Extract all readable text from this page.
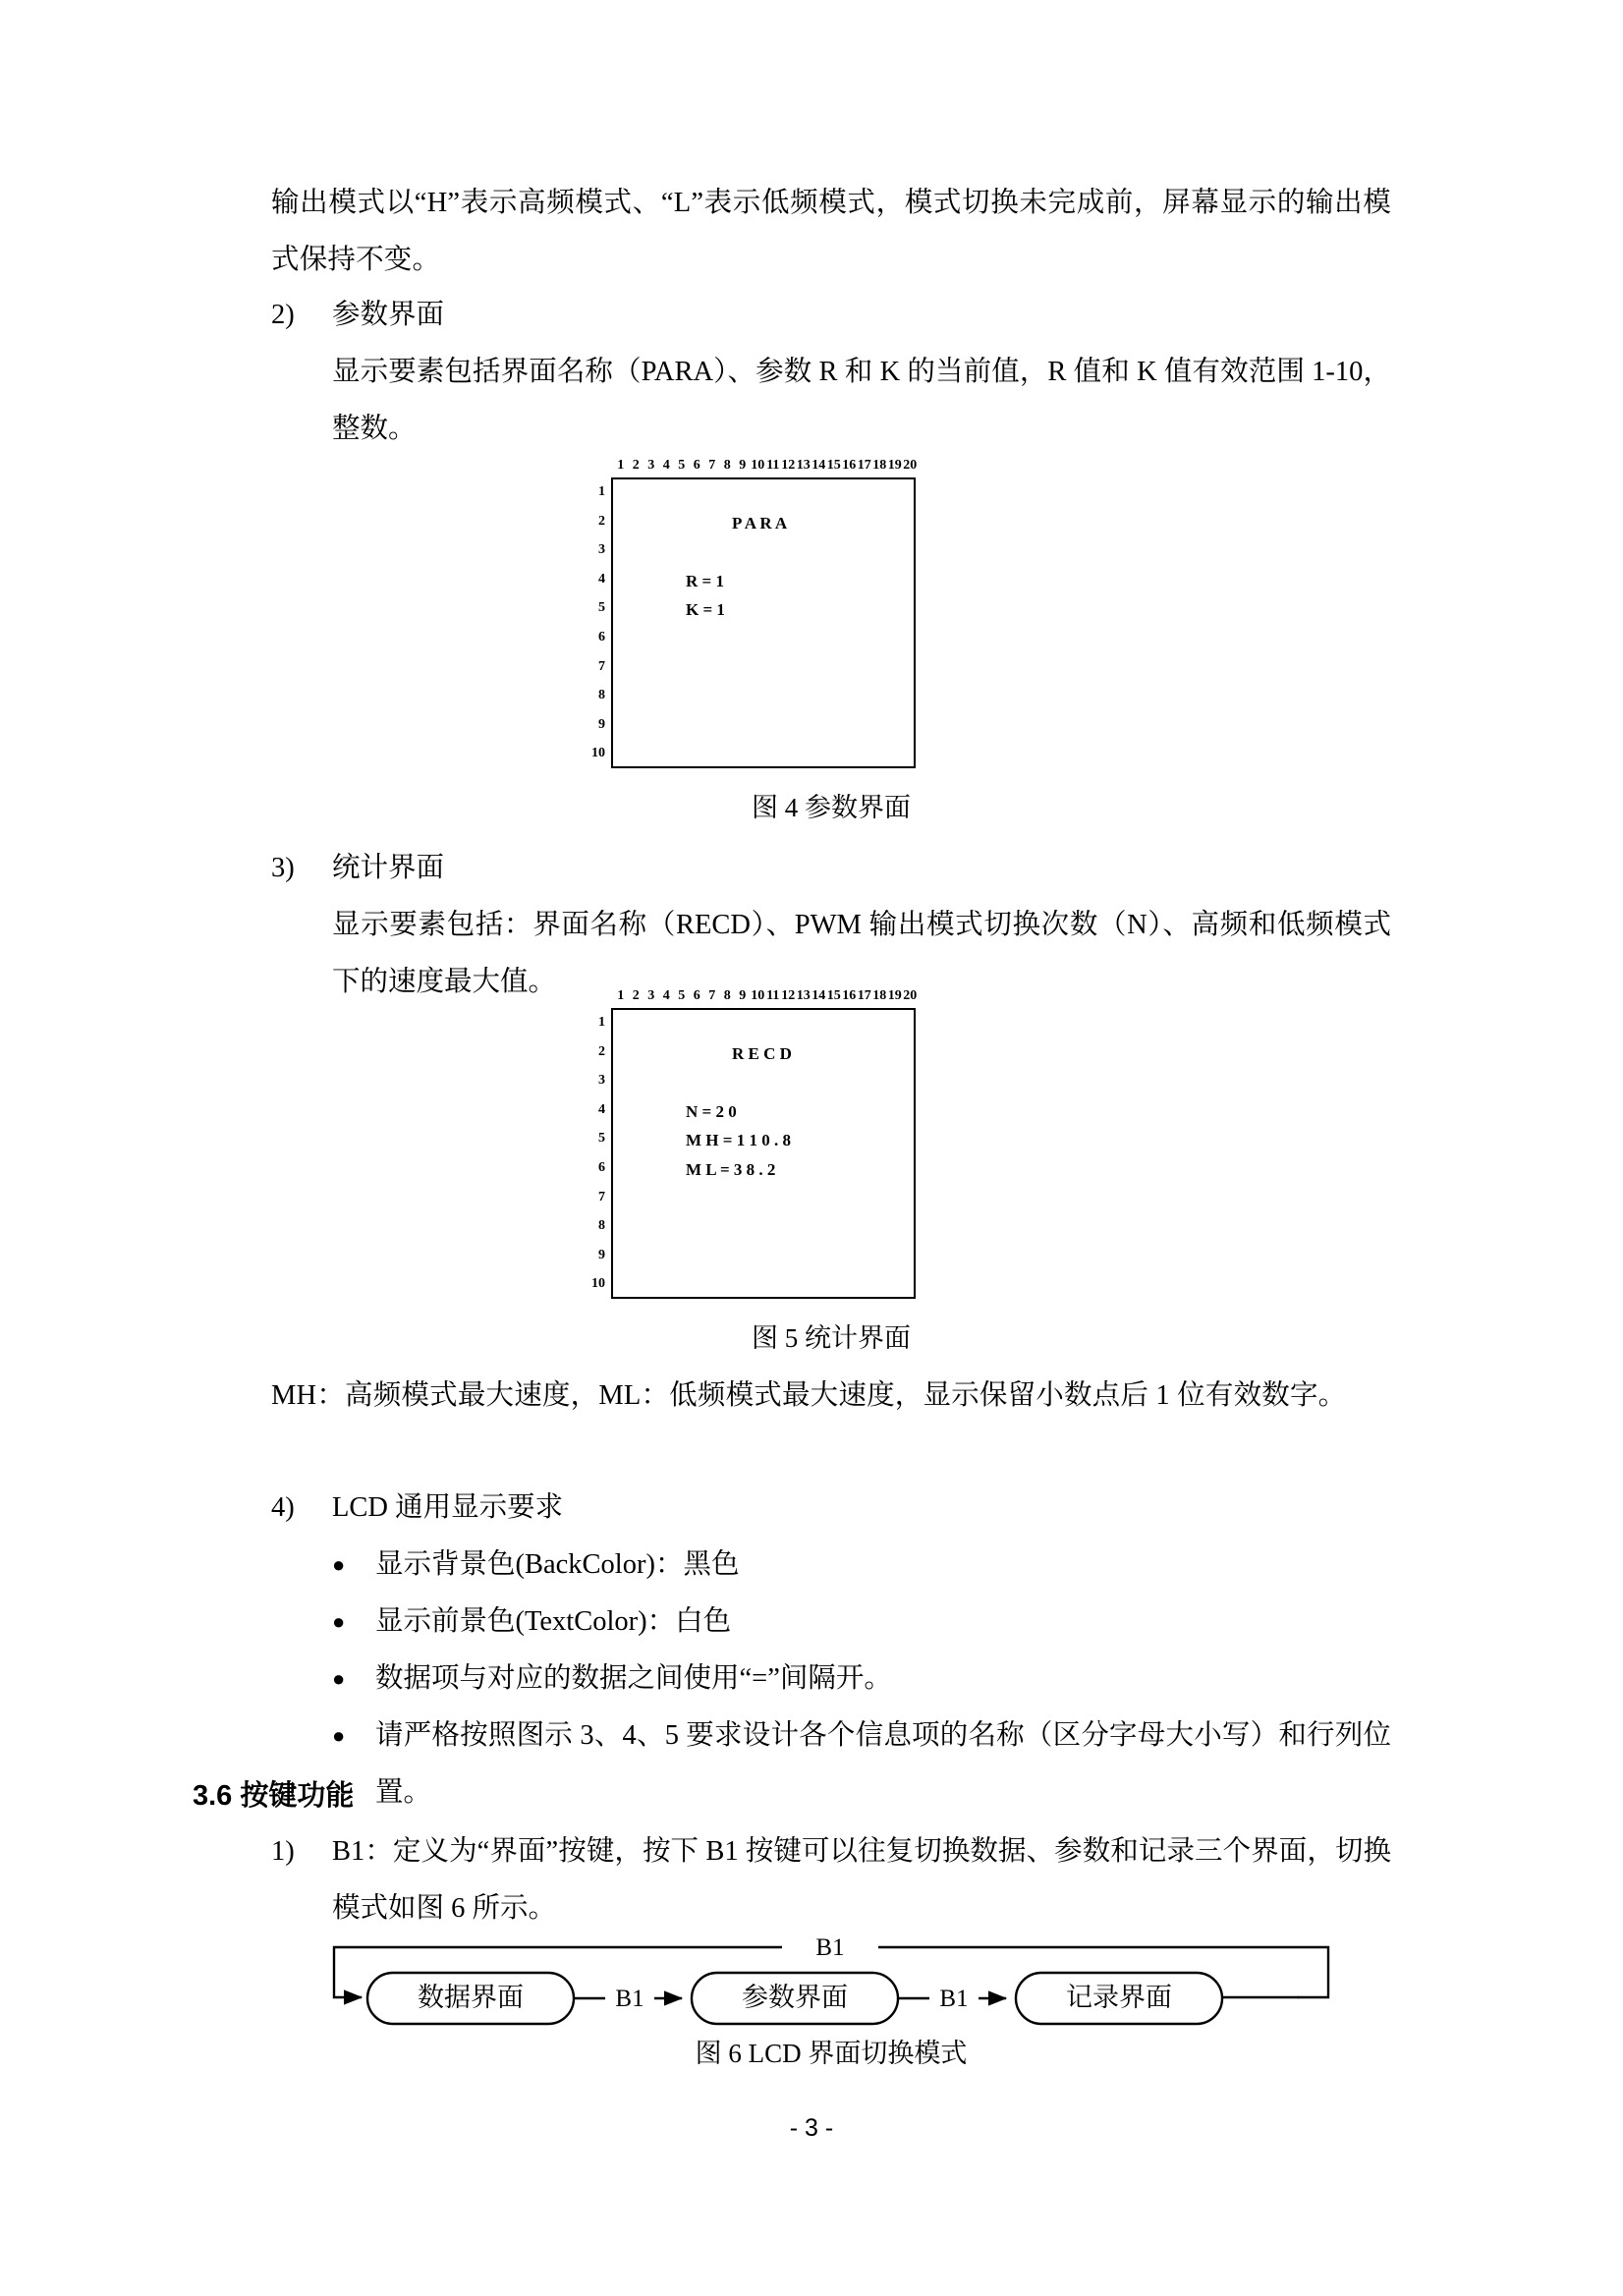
输出模式以“H”表示高频模式、“L”表示低频模式，模式切换未完成前，屏幕显示的输出模式保持不变。
2)	参数界面
显示要素包括界面名称（PARA）、参数 R 和 K 的当前值，R 值和 K 值有效范围 1-10，整数。
1 2 3 4 5 6 7 8 9 10 11 12 13 14 15 16 17 18 19 20
1
2
3
4
5
6
7
8
9
10
P A R A
R = 1
K = 1
图 4 参数界面
3)	统计界面
显示要素包括：界面名称（RECD）、PWM 输出模式切换次数（N）、高频和低频模式下的速度最大值。	1 2 3 4 5 6 7 8 9 10 11 12 13 14 15 16 17 18 19 20
1
2
3
4
5
6
7
8
9
10
R E C D
N = 2 0
M H = 1 1 0 . 8
M L = 3 8 . 2
图 5 统计界面
MH：高频模式最大速度，ML：低频模式最大速度，显示保留小数点后 1 位有效数字。
4)	LCD 通用显示要求
●	显示背景色(BackColor)：黑色
●	显示前景色(TextColor)：白色
●	数据项与对应的数据之间使用“=”间隔开。
●	请严格按照图示 3、4、5 要求设计各个信息项的名称（区分字母大小写）和行列位置。
3.6 按键功能
1)	B1：定义为“界面”按键，按下 B1 按键可以往复切换数据、参数和记录三个界面，切换模式如图 6 所示。
B1
数据界面	B1	参数界面	B1	记录界面
图 6 LCD 界面切换模式
- 3 -
